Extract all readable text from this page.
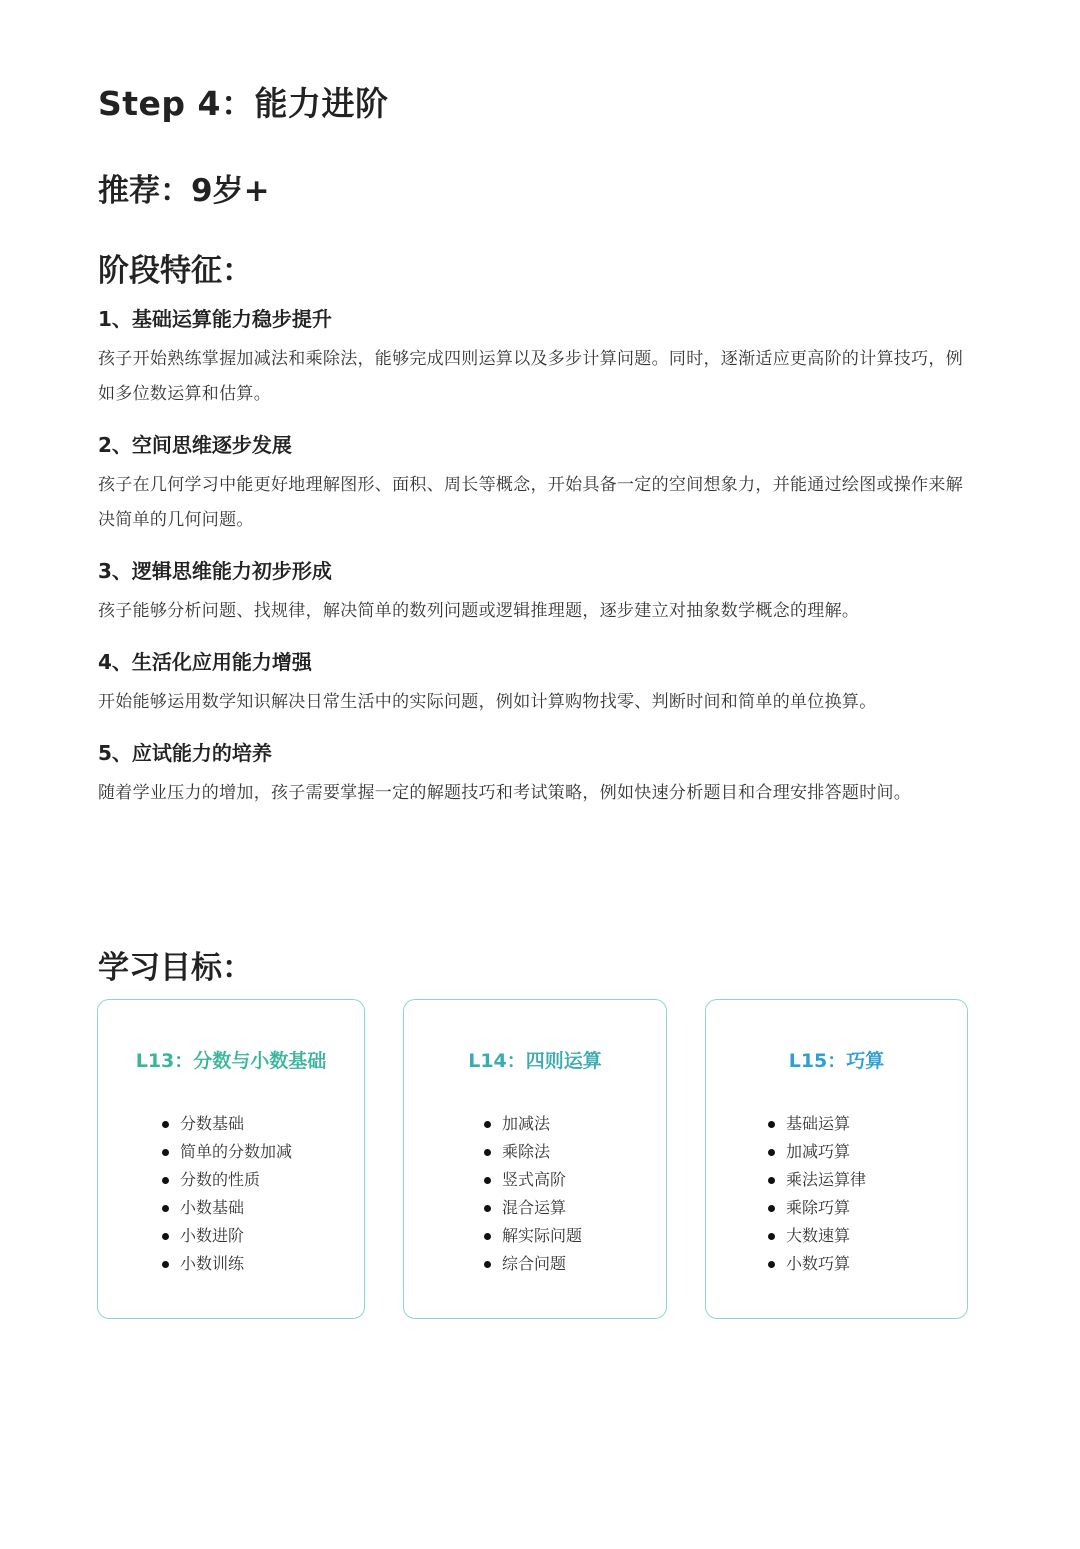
Step 4：能力进阶
推荐：9岁+
阶段特征：
1、基础运算能力稳步提升
孩子开始熟练掌握加减法和乘除法，能够完成四则运算以及多步计算问题。同时，逐渐适应更高阶的计算技巧，例如多位数运算和估算。
2、空间思维逐步发展
孩子在几何学习中能更好地理解图形、面积、周长等概念，开始具备一定的空间想象力，并能通过绘图或操作来解决简单的几何问题。
3、逻辑思维能力初步形成
孩子能够分析问题、找规律，解决简单的数列问题或逻辑推理题，逐步建立对抽象数学概念的理解。
4、生活化应用能力增强
开始能够运用数学知识解决日常生活中的实际问题，例如计算购物找零、判断时间和简单的单位换算。
5、应试能力的培养
随着学业压力的增加，孩子需要掌握一定的解题技巧和考试策略，例如快速分析题目和合理安排答题时间。
学习目标：
L13：分数与小数基础
分数基础
简单的分数加减
分数的性质
小数基础
小数进阶
小数训练
L14：四则运算
加减法
乘除法
竖式高阶
混合运算
解实际问题
综合问题
L15：巧算
基础运算
加减巧算
乘法运算律
乘除巧算
大数速算
小数巧算
